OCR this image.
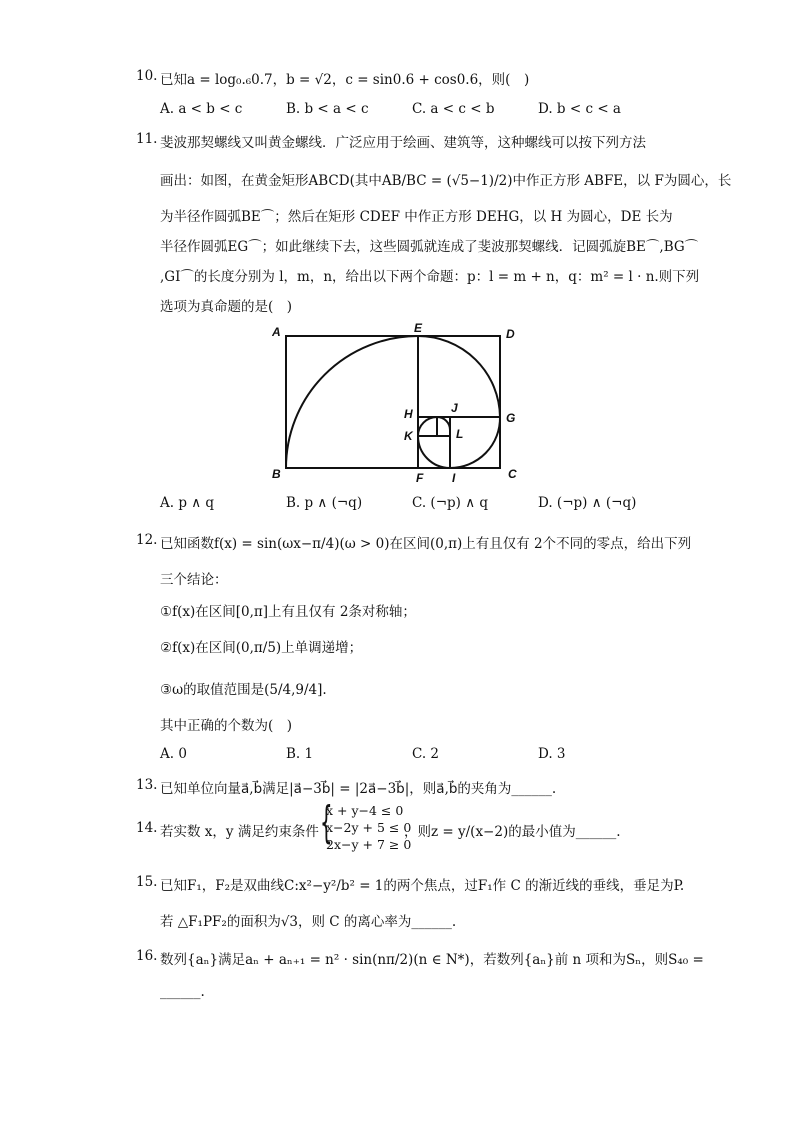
10. 已知a = log₀.₆0.7，b = √2，c = sin0.6 + cos0.6，则(　)
A. a < b < c	B. b < a < c	C. a < c < b	D. b < c < a
11. 斐波那契螺线又叫黄金螺线．广泛应用于绘画、建筑等，这种螺线可以按下列方法
画出：如图，在黄金矩形ABCD(其中AB/BC = (√5−1)/2)中作正方形 ABFE，以 F为圆心，长
为半径作圆弧BE⌒；然后在矩形 CDEF 中作正方形 DEHG，以 H 为圆心，DE 长为
半径作圆弧EG⌒；如此继续下去，这些圆弧就连成了斐波那契螺线．记圆弧旋BE⌒,BG⌒
,GI⌒的长度分别为 l，m，n，给出以下两个命题：p：l = m + n，q：m² = l · n.则下列
选项为真命题的是(　)
A
B	C
D
E
F
G
H
I
J
K	L
A. p ∧ q	B. p ∧ (¬q)	C. (¬p) ∧ q	D. (¬p) ∧ (¬q)
12. 已知函数f(x) = sin(ωx−π/4)(ω > 0)在区间(0,π)上有且仅有 2个不同的零点，给出下列
三个结论：
①f(x)在区间[0,π]上有且仅有 2条对称轴；
②f(x)在区间(0,π/5)上单调递增；
③ω的取值范围是(5/4,9/4].
其中正确的个数为(　)
A. 0	B. 1	C. 2	D. 3
13. 已知单位向量a⃗,b⃗满足|a⃗−3b⃗| = |2a⃗−3b⃗|，则a⃗,b⃗的夹角为______.
14. 若实数 x，y 满足约束条件 {
x + y−4 ≤ 0
x−2y + 5 ≤ 0
2x−y + 7 ≥ 0
，则z = y/(x−2)的最小值为______.
15. 已知F₁，F₂是双曲线C:x²−y²/b² = 1的两个焦点，过F₁作 C 的渐近线的垂线，垂足为P.
若 △F₁PF₂的面积为√3，则 C 的离心率为______.
16. 数列{aₙ}满足aₙ + aₙ₊₁ = n² · sin(nπ/2)(n ∈ N*)，若数列{aₙ}前 n 项和为Sₙ，则S₄₀ =
______.
